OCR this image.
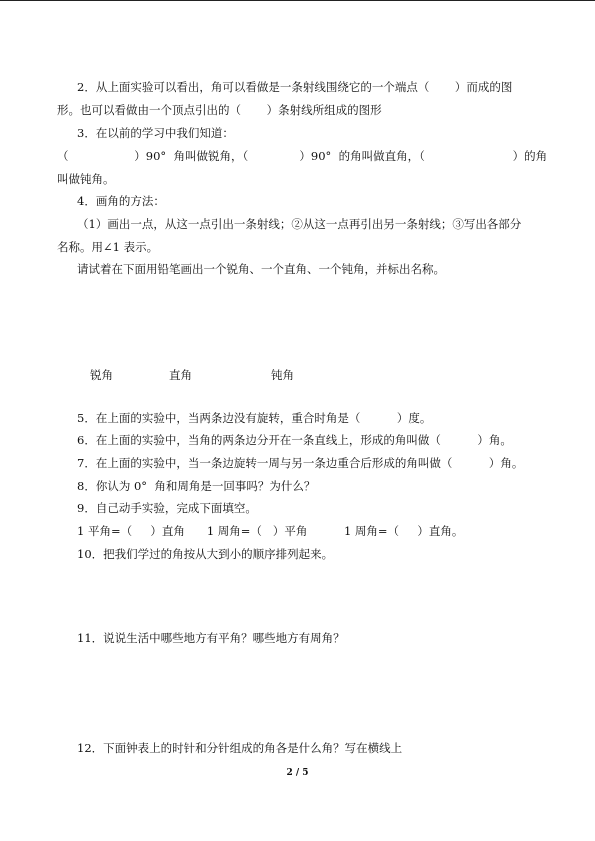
2．从上面实验可以看出，角可以看做是一条射线围绕它的一个端点（       ）而成的图
形。也可以看做由一个顶点引出的（       ）条射线所组成的图形
3．在以前的学习中我们知道：
（                  ）90°  角叫做锐角，（              ）90°  的角叫做直角，（                        ）的角
叫做钝角。
4．画角的方法：
（1）画出一点，从这一点引出一条射线；②从这一点再引出另一条射线；③写出各部分
名称。用∠1 表示。
请试着在下面用铅笔画出一个锐角、一个直角、一个钝角，并标出名称。
锐角	直角	钝角
5．在上面的实验中，当两条边没有旋转，重合时角是（          ）度。
6．在上面的实验中，当角的两条边分开在一条直线上，形成的角叫做（          ）角。
7．在上面的实验中，当一条边旋转一周与另一条边重合后形成的角叫做（          ）角。
8．你认为 0°  角和周角是一回事吗？为什么？
9．自己动手实验，完成下面填空。
1 平角=（     ）直角      1 周角=（   ）平角          1 周角=（     ）直角。
10．把我们学过的角按从大到小的顺序排列起来。
11．说说生活中哪些地方有平角？哪些地方有周角？
12．下面钟表上的时针和分针组成的角各是什么角？写在横线上
2 / 5
